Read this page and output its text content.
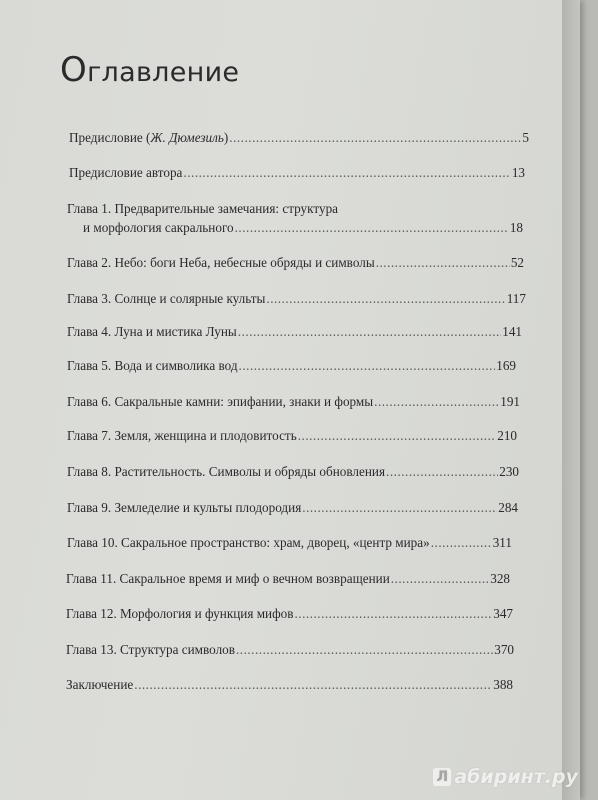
Оглавление
Предисловие (Ж. Дюмезиль) .....	5
Предисловие автора .....	13
Глава 1. Предварительные замечания: структура
и морфология сакрального .....	18
Глава 2. Небо: боги Неба, небесные обряды и символы .....	52
Глава 3. Солнце и солярные культы .....	117
Глава 4. Луна и мистика Луны .....	141
Глава 5. Вода и символика вод .....	169
Глава 6. Сакральные камни: эпифании, знаки и формы .....	191
Глава 7. Земля, женщина и плодовитость .....	210
Глава 8. Растительность. Символы и обряды обновления .....	230
Глава 9. Земледелие и культы плодородия .....	284
Глава 10. Сакральное пространство: храм, дворец, «центр мира» .....	311
Глава 11. Сакральное время и миф о вечном возвращении .....	328
Глава 12. Морфология и функция мифов .....	347
Глава 13. Структура символов .....	370
Заключение .....	388
Л абиринт.ру
